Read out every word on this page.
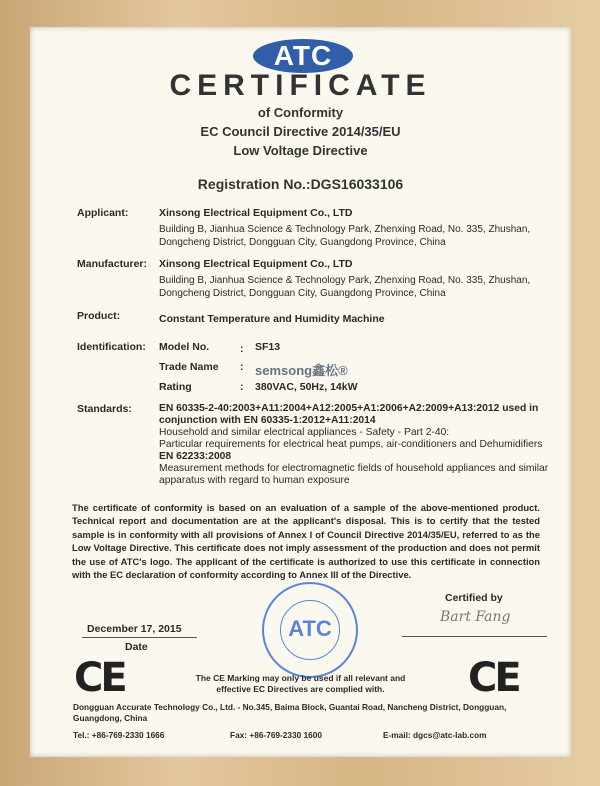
ATC
CERTIFICATE
of Conformity
EC Council Directive 2014/35/EU
Low Voltage Directive
Registration No.:DGS16033106
Applicant:	Xinsong Electrical Equipment Co., LTD
Building B, Jianhua Science & Technology Park, Zhenxing Road, No. 335, Zhushan,
Dongcheng District, Dongguan City, Guangdong Province, China
Manufacturer: Xinsong Electrical Equipment Co., LTD
Building B, Jianhua Science & Technology Park, Zhenxing Road, No. 335, Zhushan,
Dongcheng District, Dongguan City, Guangdong Province, China
Product:	Constant Temperature and Humidity Machine
Identification: Model No.	: SF13
Trade Name : semsong鑫松®
Rating	: 380VAC, 50Hz, 14kW
Standards:	EN 60335-2-40:2003+A11:2004+A12:2005+A1:2006+A2:2009+A13:2012 used in
conjunction with EN 60335-1:2012+A11:2014
Household and similar electrical appliances - Safety - Part 2-40:
Particular requirements for electrical heat pumps, air-conditioners and Dehumidifiers
EN 62233:2008
Measurement methods for electromagnetic fields of household appliances and similar
apparatus with regard to human exposure
The certificate of conformity is based on an evaluation of a sample of the above-mentioned product. Technical report and documentation are at the applicant's disposal. This is to certify that the tested sample is in conformity with all provisions of Annex I of Council Directive 2014/35/EU, referred to as the Low Voltage Directive. This certificate does not imply assessment of the production and does not permit the use of ATC's logo. The applicant of the certificate is authorized to use this certificate in connection with the EC declaration of conformity according to Annex III of the Directive.
Certified by
Bart Fang
December 17, 2015
Date
ATC
CE	CE
The CE Marking may only be used if all relevant and
effective EC Directives are complied with.
Dongguan Accurate Technology Co., Ltd. - No.345, Baima Block, Guantai Road, Nancheng District, Dongguan,
Guangdong, China
Tel.: +86-769-2330 1666	Fax: +86-769-2330 1600	E-mail: dgcs@atc-lab.com
